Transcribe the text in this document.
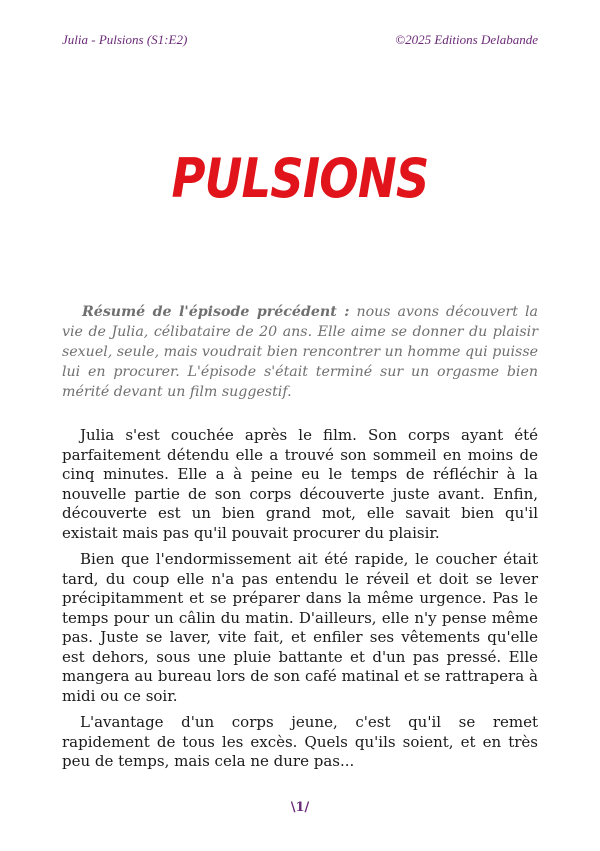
Julia - Pulsions (S1:E2)	©2025 Editions Delabande
PULSIONS

Résumé de l'épisode précédent : nous avons découvert la vie de Julia, célibataire de 20 ans. Elle aime se donner du plaisir sexuel, seule, mais voudrait bien rencontrer un homme qui puisse lui en procurer. L'épisode s'était terminé sur un orgasme bien mérité devant un film suggestif.

Julia s'est couchée après le film. Son corps ayant été parfaitement détendu elle a trouvé son sommeil en moins de cinq minutes. Elle a à peine eu le temps de réfléchir à la nouvelle partie de son corps découverte juste avant. Enfin, découverte est un bien grand mot, elle savait bien qu'il existait mais pas qu'il pouvait procurer du plaisir.

Bien que l'endormissement ait été rapide, le coucher était tard, du coup elle n'a pas entendu le réveil et doit se lever précipitamment et se préparer dans la même urgence. Pas le temps pour un câlin du matin. D'ailleurs, elle n'y pense même pas. Juste se laver, vite fait, et enfiler ses vêtements qu'elle est dehors, sous une pluie battante et d'un pas pressé. Elle mangera au bureau lors de son café matinal et se rattrapera à midi ou ce soir.

L'avantage d'un corps jeune, c'est qu'il se remet rapidement de tous les excès. Quels qu'ils soient, et en très peu de temps, mais cela ne dure pas...

\1/
